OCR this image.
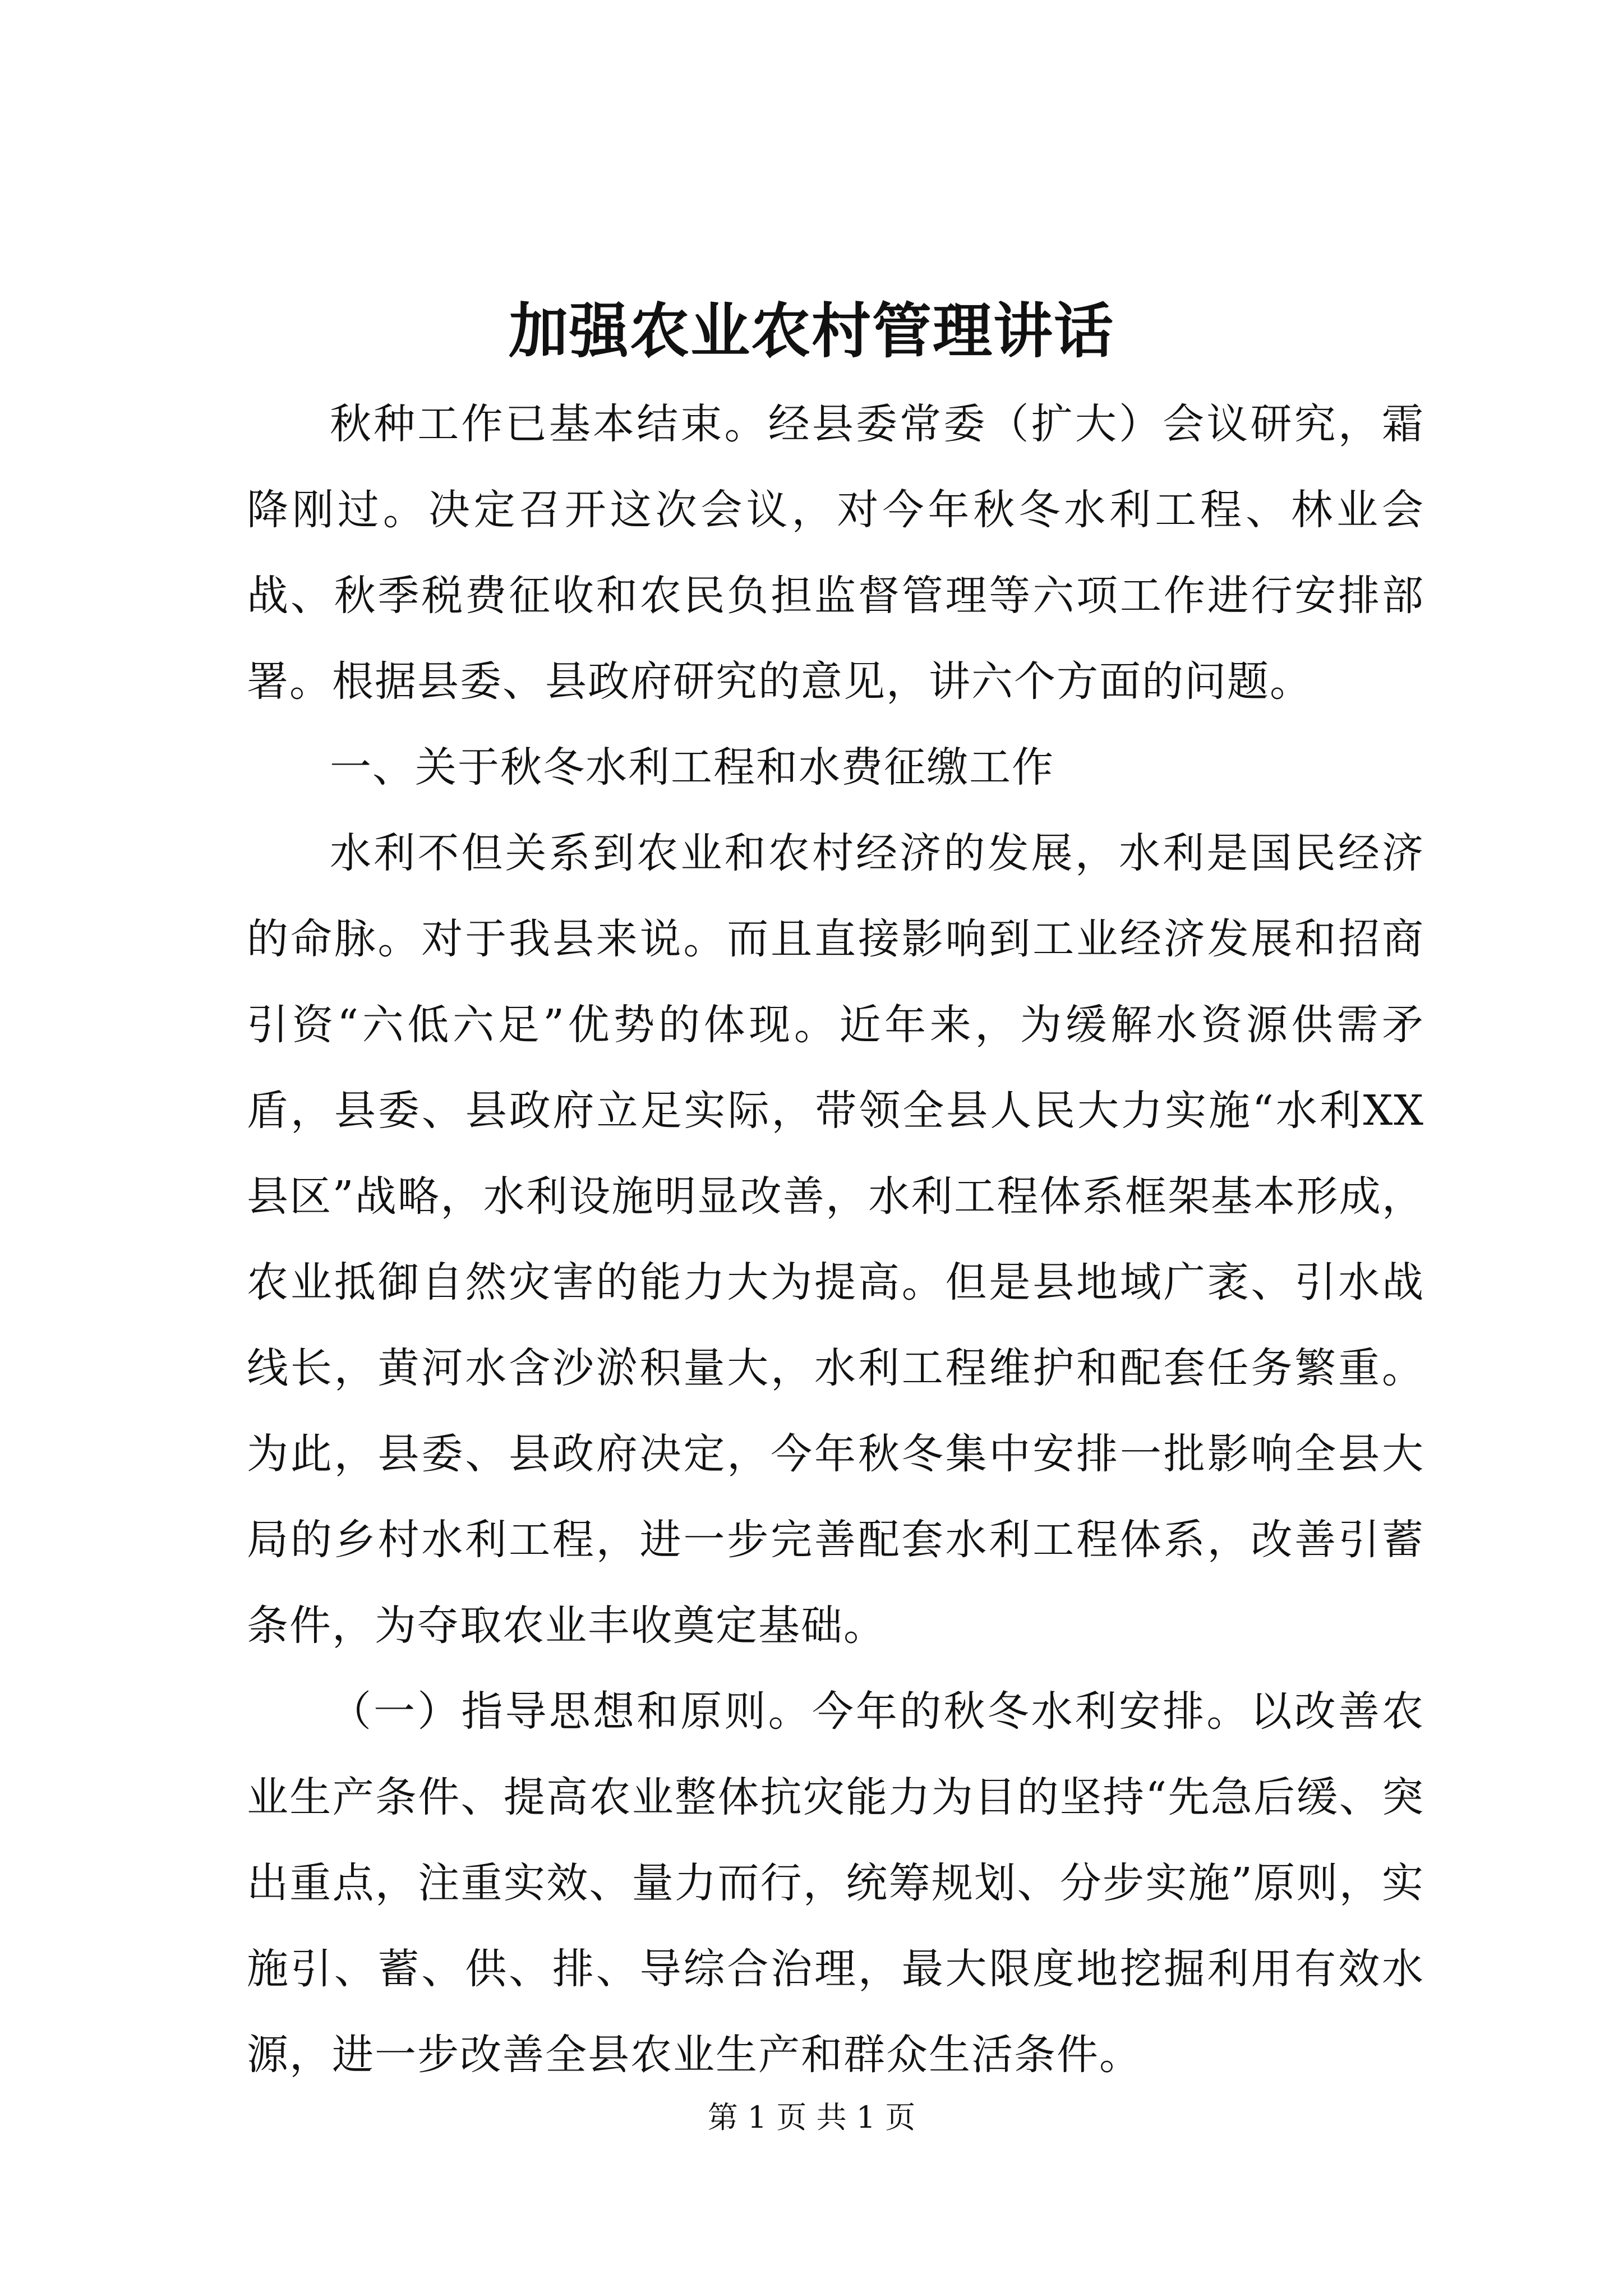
加强农业农村管理讲话

秋种工作已基本结束。经县委常委（扩大）会议研究，霜降刚过。决定召开这次会议，对今年秋冬水利工程、林业会战、秋季税费征收和农民负担监督管理等六项工作进行安排部署。根据县委、县政府研究的意见，讲六个方面的问题。

一、关于秋冬水利工程和水费征缴工作

水利不但关系到农业和农村经济的发展，水利是国民经济的命脉。对于我县来说。而且直接影响到工业经济发展和招商引资“六低六足”优势的体现。近年来，为缓解水资源供需矛盾，县委、县政府立足实际，带领全县人民大力实施“水利XX县区”战略，水利设施明显改善，水利工程体系框架基本形成，农业抵御自然灾害的能力大为提高。但是县地域广袤、引水战线长，黄河水含沙淤积量大，水利工程维护和配套任务繁重。为此，县委、县政府决定，今年秋冬集中安排一批影响全县大局的乡村水利工程，进一步完善配套水利工程体系，改善引蓄条件，为夺取农业丰收奠定基础。

（一）指导思想和原则。今年的秋冬水利安排。以改善农业生产条件、提高农业整体抗灾能力为目的坚持“先急后缓、突出重点，注重实效、量力而行，统筹规划、分步实施”原则，实施引、蓄、供、排、导综合治理，最大限度地挖掘利用有效水源，进一步改善全县农业生产和群众生活条件。

第 1 页 共 1 页
